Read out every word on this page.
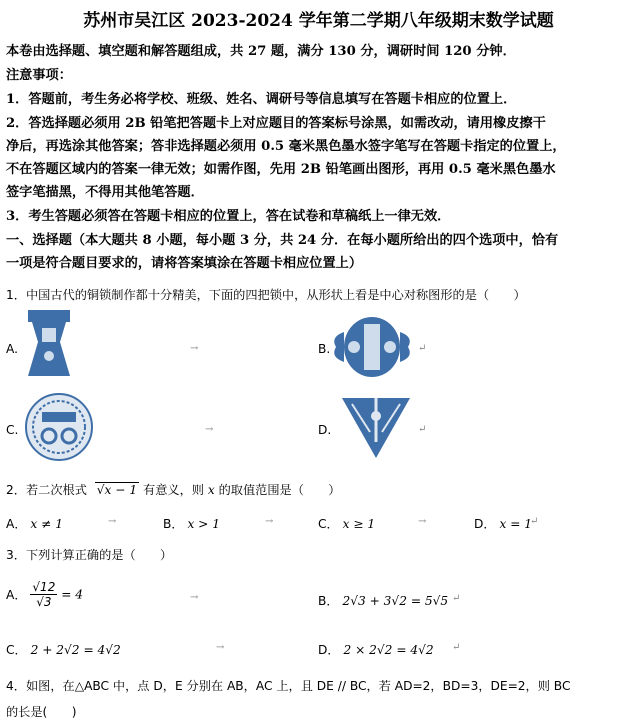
苏州市吴江区 2023-2024 学年第二学期八年级期末数学试题
本卷由选择题、填空题和解答题组成，共 27 题，满分 130 分，调研时间 120 分钟．
注意事项：
1．答题前，考生务必将学校、班级、姓名、调研号等信息填写在答题卡相应的位置上．
2．答选择题必须用 2B 铅笔把答题卡上对应题目的答案标号涂黑，如需改动，请用橡皮擦干
净后，再选涂其他答案；答非选择题必须用 0.5 毫米黑色墨水签字笔写在答题卡指定的位置上，
不在答题区域内的答案一律无效；如需作图，先用 2B 铅笔画出图形，再用 0.5 毫米黑色墨水
签字笔描黑，不得用其他笔答题．
3．考生答题必须答在答题卡相应的位置上，答在试卷和草稿纸上一律无效．
一、选择题（本大题共 8 小题，每小题 3 分，共 24 分．在每小题所给出的四个选项中，恰有
一项是符合题目要求的，请将答案填涂在答题卡相应位置上）
1．中国古代的铜锁制作都十分精美，下面的四把锁中，从形状上看是中心对称图形的是（　　）
A.	→	B.	↵
C.	→	D.	↵
2．若二次根式 √x − 1 有意义，则 x 的取值范围是（　　）
A． x ≠ 1	→	B． x > 1	→	C． x ≥ 1	→	D． x = 1
↵
3．下列计算正确的是（　　）
A． $\frac{√12}{√3} = 4$	→	B． 2√3 + 3√2 = 5√5 ↵
C． 2 + 2√2 = 4√2	→	D． 2 × 2√2 = 4√2 ↵
4．如图，在△ABC 中，点 D，E 分别在 AB，AC 上，且 DE // BC，若 AD=2，BD=3，DE=2，则 BC
的长是(　　)
